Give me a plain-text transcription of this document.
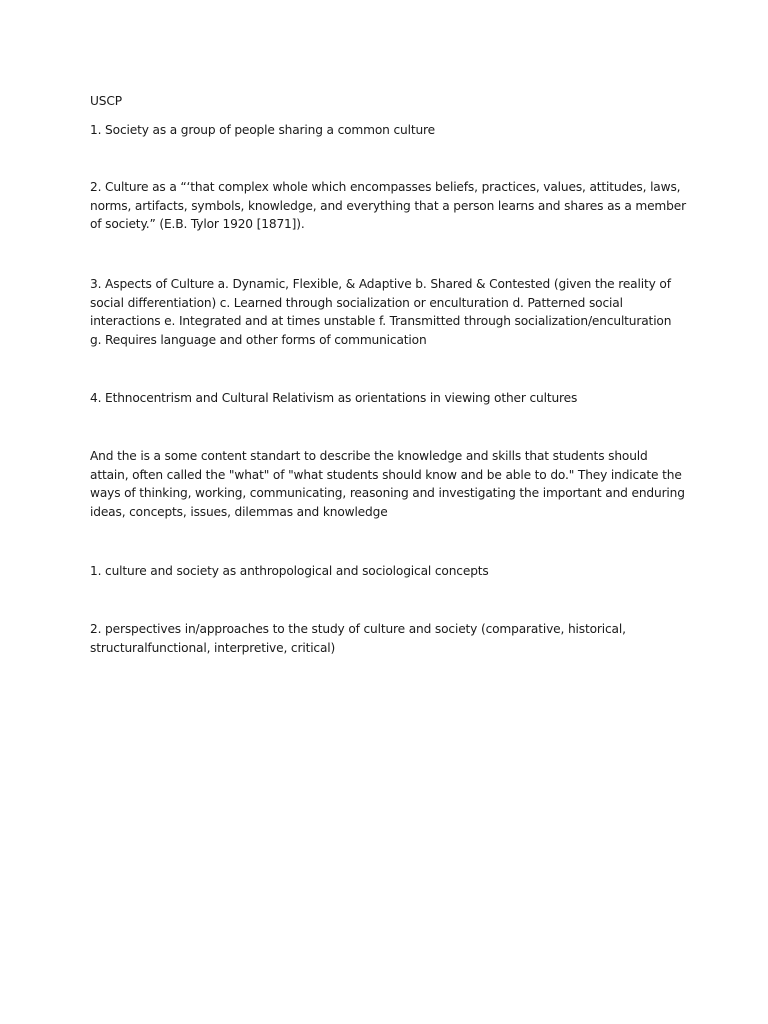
USCP
1. Society as a group of people sharing a common culture
2. Culture as a “‘that complex whole which encompasses beliefs, practices, values, attitudes, laws, norms, artifacts, symbols, knowledge, and everything that a person learns and shares as a member of society.” (E.B. Tylor 1920 [1871]).
3. Aspects of Culture a. Dynamic, Flexible, & Adaptive b. Shared & Contested (given the reality of social differentiation) c. Learned through socialization or enculturation d. Patterned social interactions e. Integrated and at times unstable f. Transmitted through socialization/enculturation g. Requires language and other forms of communication
4. Ethnocentrism and Cultural Relativism as orientations in viewing other cultures
And the is a some content standart to describe the knowledge and skills that students should attain, often called the "what" of "what students should know and be able to do." They indicate the ways of thinking, working, communicating, reasoning and investigating the important and enduring ideas, concepts, issues, dilemmas and knowledge
1. culture and society as anthropological and sociological concepts
2. perspectives in/approaches to the study of culture and society (comparative, historical, structuralfunctional, interpretive, critical)
